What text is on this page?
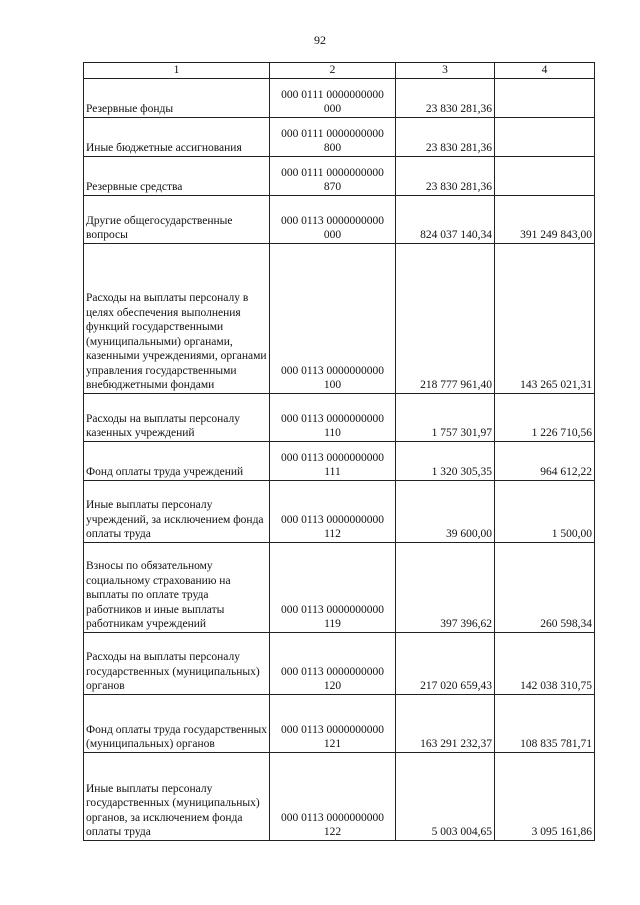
92
1	2	3	4
Резервные фонды	000 0111 0000000000 000	23 830 281,36	
Иные бюджетные ассигнования	000 0111 0000000000 800	23 830 281,36	
Резервные средства	000 0111 0000000000 870	23 830 281,36	
Другие общегосударственные вопросы	000 0113 0000000000 000	824 037 140,34	391 249 843,00
Расходы на выплаты персоналу в целях обеспечения выполнения функций государственными (муниципальными) органами, казенными учреждениями, органами управления государственными внебюджетными фондами	000 0113 0000000000 100	218 777 961,40	143 265 021,31
Расходы на выплаты персоналу казенных учреждений	000 0113 0000000000 110	1 757 301,97	1 226 710,56
Фонд оплаты труда учреждений	000 0113 0000000000 111	1 320 305,35	964 612,22
Иные выплаты персоналу учреждений, за исключением фонда оплаты труда	000 0113 0000000000 112	39 600,00	1 500,00
Взносы по обязательному социальному страхованию на выплаты по оплате труда работников и иные выплаты работникам учреждений	000 0113 0000000000 119	397 396,62	260 598,34
Расходы на выплаты персоналу государственных (муниципальных) органов	000 0113 0000000000 120	217 020 659,43	142 038 310,75
Фонд оплаты труда государственных (муниципальных) органов	000 0113 0000000000 121	163 291 232,37	108 835 781,71
Иные выплаты персоналу государственных (муниципальных) органов, за исключением фонда оплаты труда	000 0113 0000000000 122	5 003 004,65	3 095 161,86
